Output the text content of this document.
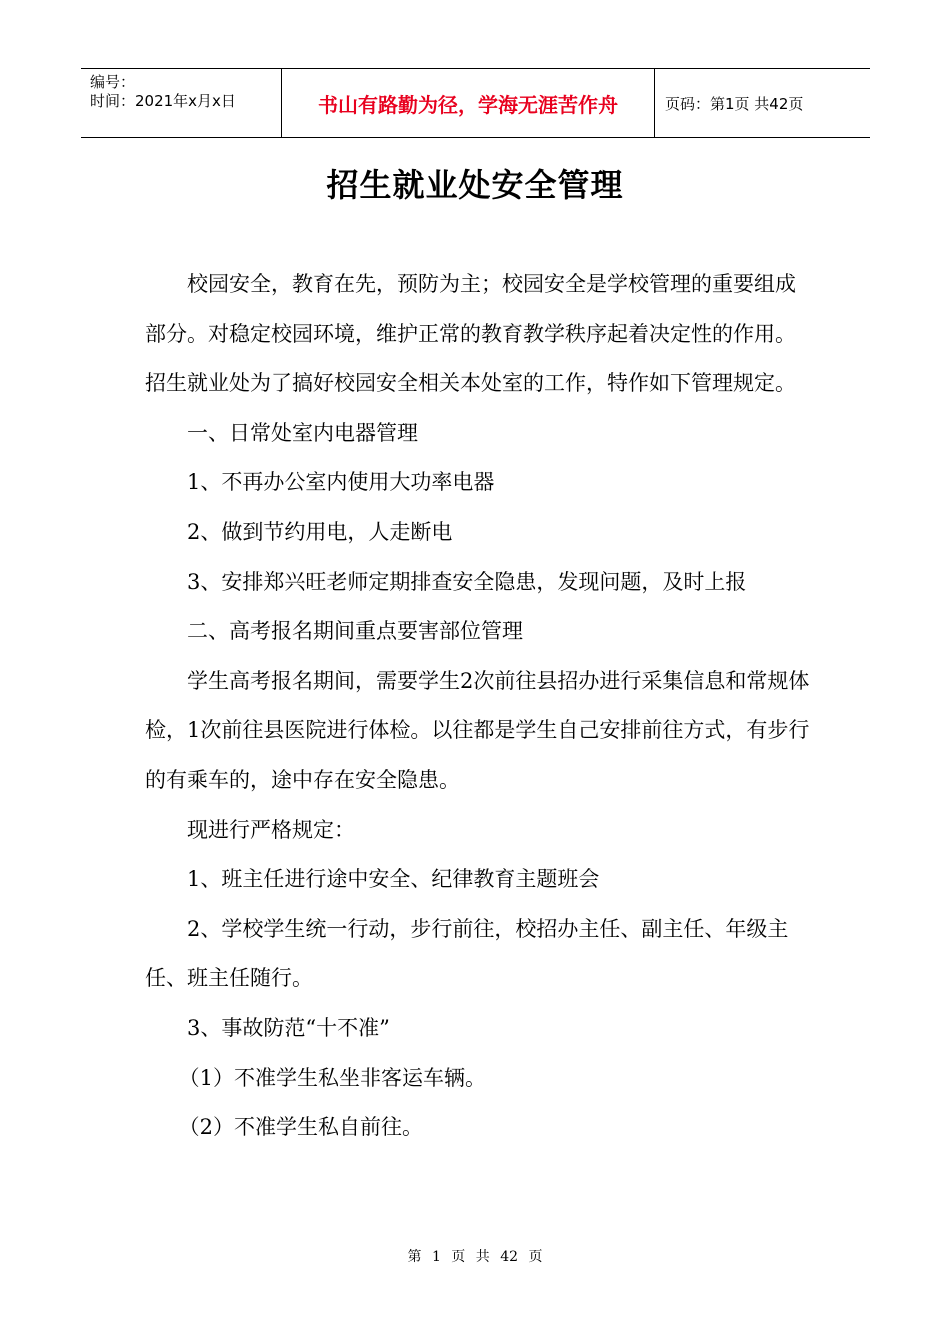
编号：
时间：2021年x月x日	书山有路勤为径，学海无涯苦作舟	页码：第1页 共42页
招生就业处安全管理

校园安全，教育在先，预防为主；校园安全是学校管理的重要组成部分。对稳定校园环境，维护正常的教育教学秩序起着决定性的作用。招生就业处为了搞好校园安全相关本处室的工作，特作如下管理规定。

一、日常处室内电器管理

1、不再办公室内使用大功率电器

2、做到节约用电，人走断电

3、安排郑兴旺老师定期排查安全隐患，发现问题，及时上报

二、高考报名期间重点要害部位管理

学生高考报名期间，需要学生2次前往县招办进行采集信息和常规体检，1次前往县医院进行体检。以往都是学生自己安排前往方式，有步行的有乘车的，途中存在安全隐患。

现进行严格规定：

1、班主任进行途中安全、纪律教育主题班会

2、学校学生统一行动，步行前往，校招办主任、副主任、年级主任、班主任随行。

3、事故防范“十不准”

（1）不准学生私坐非客运车辆。

（2）不准学生私自前往。

第 1 页 共 42 页
